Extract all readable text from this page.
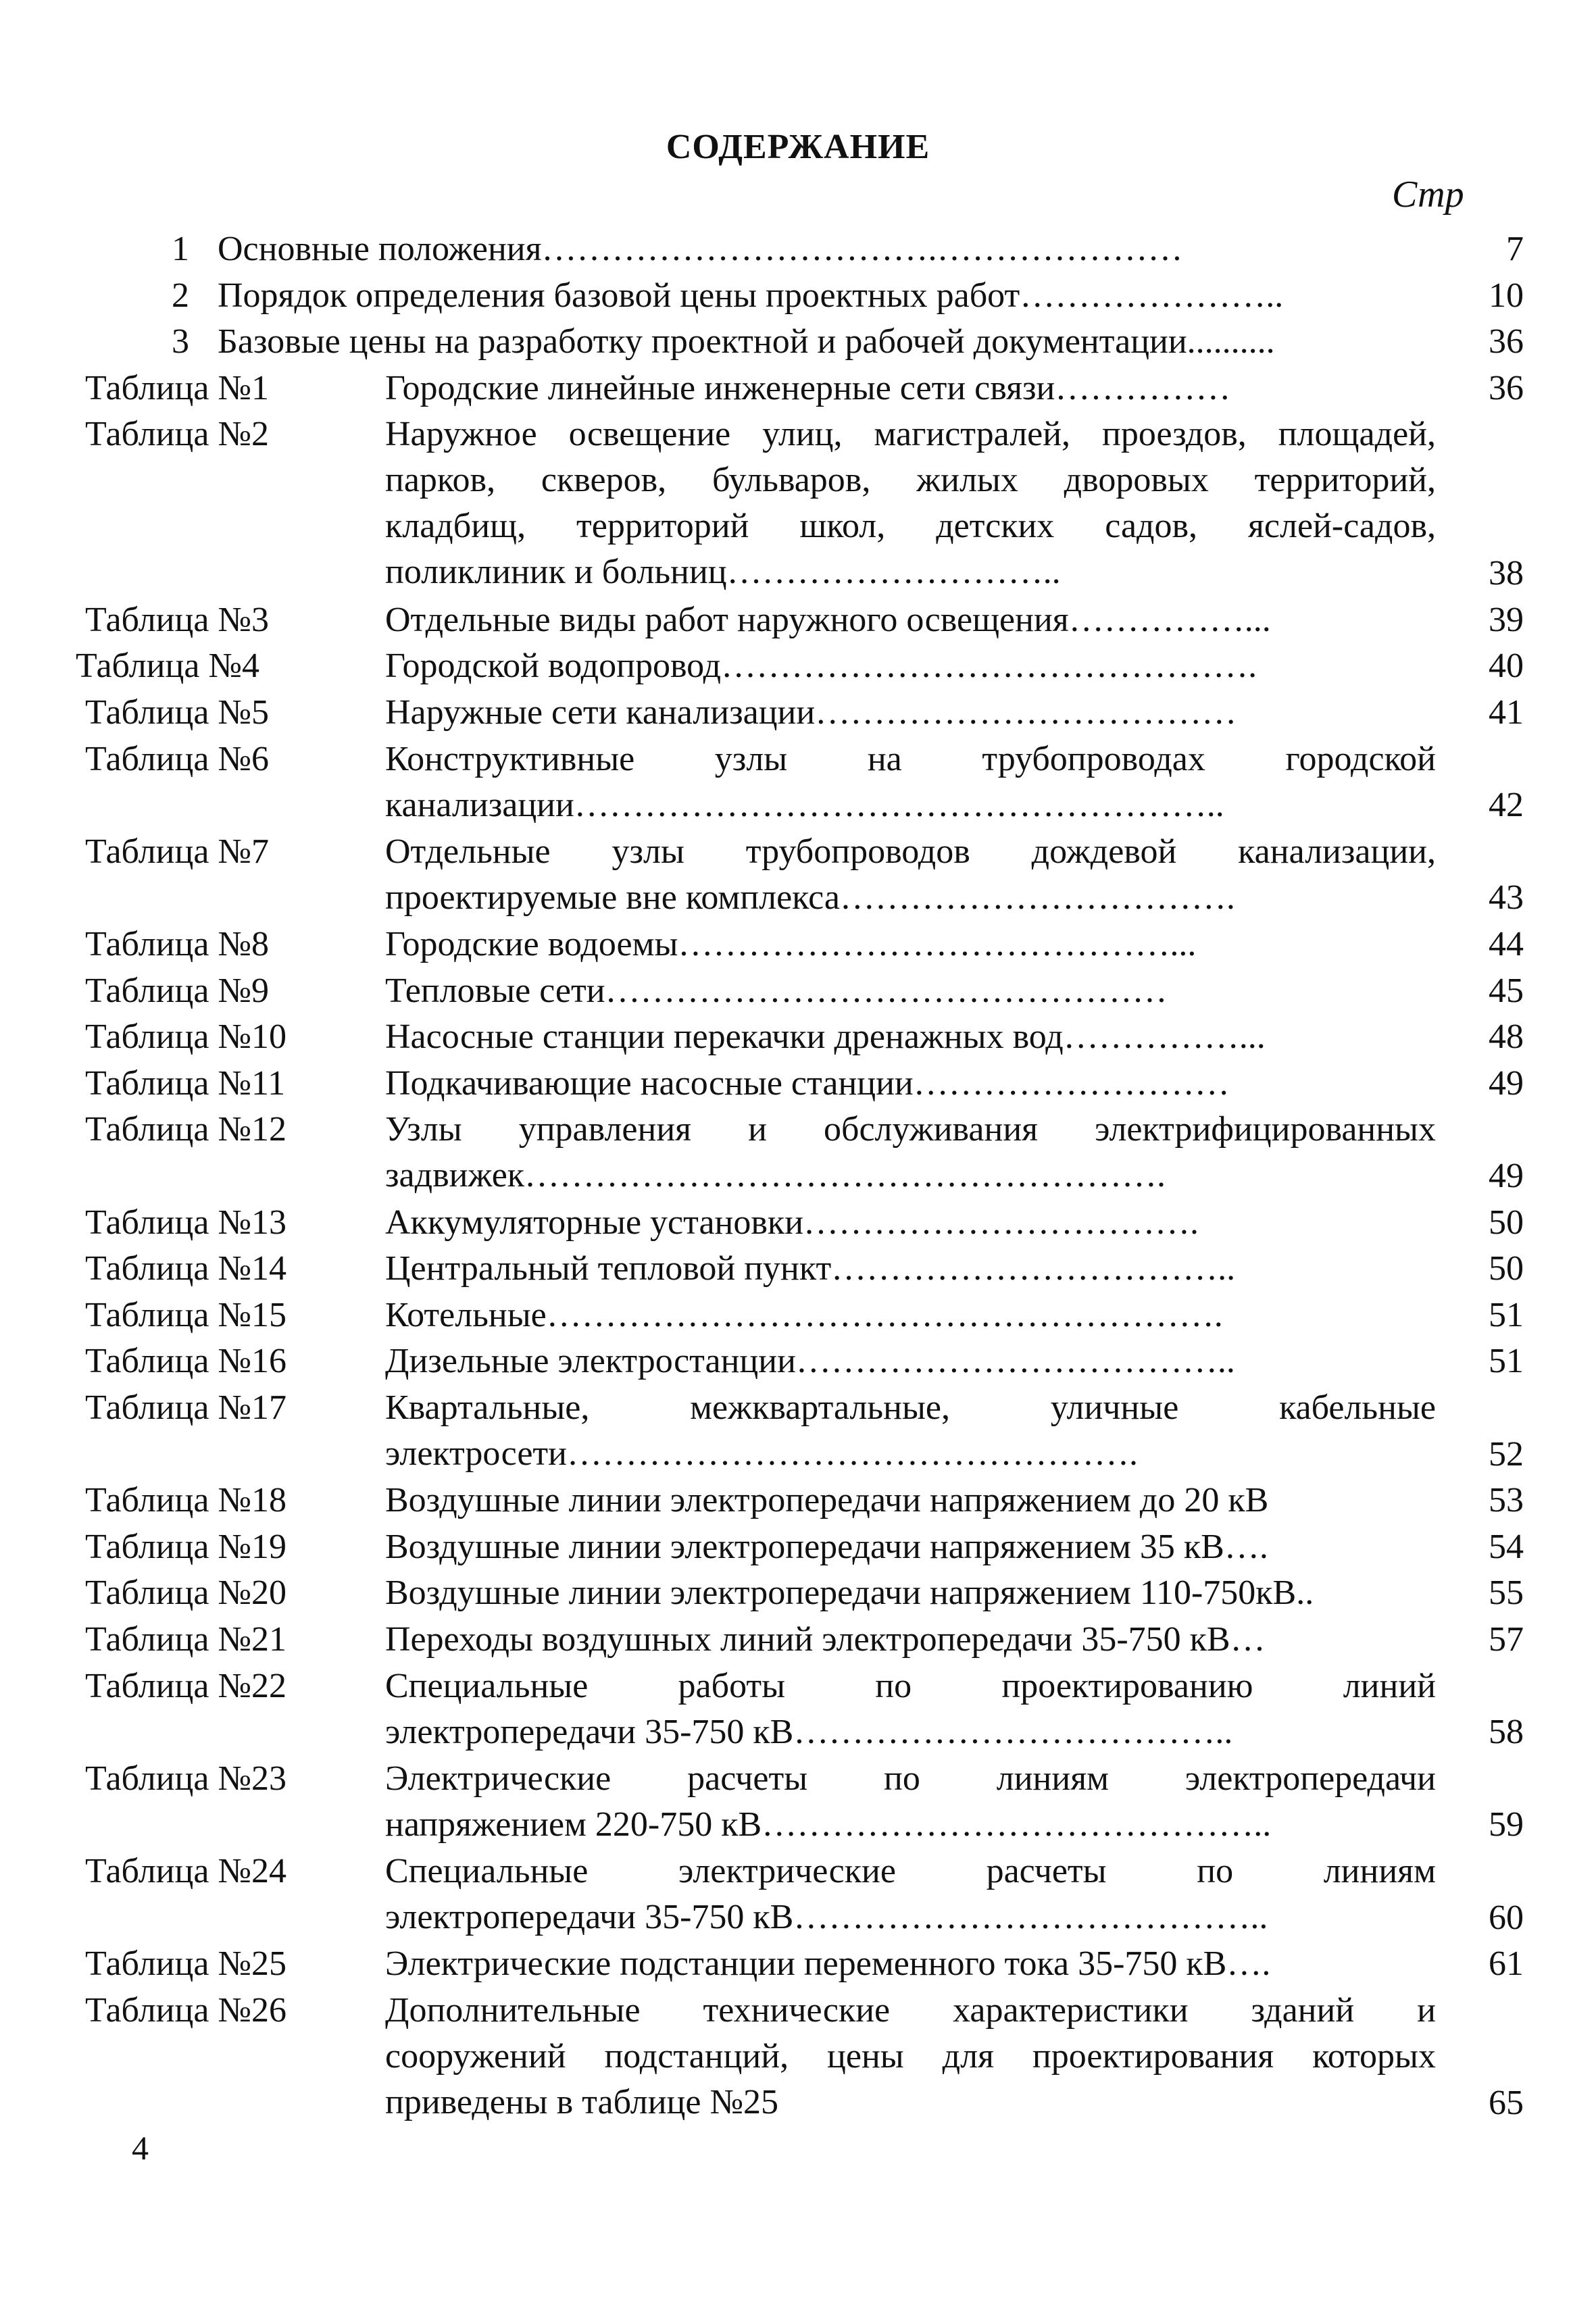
СОДЕРЖАНИЕ
Стр
1 Основные положения…………………………….…………………	7
2 Порядок определения базовой цены проектных работ…………………..	10
3 Базовые цены на разработку проектной и рабочей документации..........	36
Таблица №1	Городские линейные инженерные сети связи……………	36
Таблица №2	Наружное освещение улиц, магистралей, проездов, площадей,
парков, скверов, бульваров, жилых дворовых территорий,
кладбищ, территорий школ, детских садов, яслей-садов,
поликлиник и больниц………………………..	38
Таблица №3	Отдельные виды работ наружного освещения……………...	39
Таблица №4	Городской водопровод……………………………………….	40
Таблица №5	Наружные сети канализации………………………………	41
Таблица №6	Конструктивные узлы на трубопроводах городской
канализации………………………………………………..	42
Таблица №7	Отдельные узлы трубопроводов дождевой канализации,
проектируемые вне комплекса…………………………….	43
Таблица №8	Городские водоемы……………………………………...	44
Таблица №9	Тепловые сети…………………………………………	45
Таблица №10	Насосные станции перекачки дренажных вод……………...	48
Таблица №11	Подкачивающие насосные станции………………………	49
Таблица №12	Узлы управления и обслуживания электрифицированных
задвижек……………………………………………….	49
Таблица №13	Аккумуляторные установки…………………………….	50
Таблица №14	Центральный тепловой пункт……………………………..	50
Таблица №15	Котельные………………………………………………….	51
Таблица №16	Дизельные электростанции………………………………..	51
Таблица №17	Квартальные, межквартальные, уличные кабельные
электросети………………………………………….	52
Таблица №18	Воздушные линии электропередачи напряжением до 20 кВ	53
Таблица №19	Воздушные линии электропередачи напряжением 35 кВ….	54
Таблица №20	Воздушные линии электропередачи напряжением 110-750кВ..	55
Таблица №21	Переходы воздушных линий электропередачи 35-750 кВ…	57
Таблица №22	Специальные работы по проектированию линий
электропередачи 35-750 кВ………………………………..	58
Таблица №23	Электрические расчеты по линиям электропередачи
напряжением 220-750 кВ……………………………………..	59
Таблица №24	Специальные электрические расчеты по линиям
электропередачи 35-750 кВ…………………………………..	60
Таблица №25	Электрические подстанции переменного тока 35-750 кВ….	61
Таблица №26	Дополнительные технические характеристики зданий и
сооружений подстанций, цены для проектирования которых
приведены в таблице №25	65
4
